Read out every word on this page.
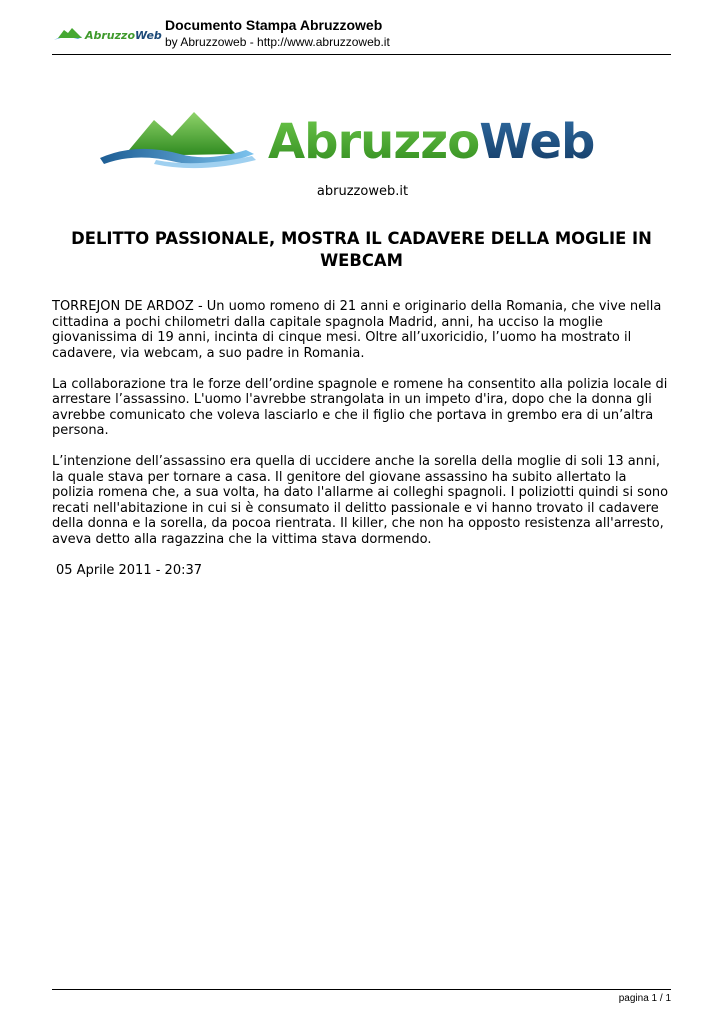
AbruzzoWeb
Documento Stampa Abruzzoweb
by Abruzzoweb - http://www.abruzzoweb.it
AbruzzoWeb
abruzzoweb.it
DELITTO PASSIONALE, MOSTRA IL CADAVERE DELLA MOGLIE IN WEBCAM

TORREJON DE ARDOZ - Un uomo romeno di 21 anni e originario della Romania, che vive nella cittadina a pochi chilometri dalla capitale spagnola Madrid, anni, ha ucciso la moglie giovanissima di 19 anni, incinta di cinque mesi. Oltre all’uxoricidio, l’uomo ha mostrato il cadavere, via webcam, a suo padre in Romania.

La collaborazione tra le forze dell’ordine spagnole e romene ha consentito alla polizia locale di arrestare l’assassino. L'uomo l'avrebbe strangolata in un impeto d'ira, dopo che la donna gli avrebbe comunicato che voleva lasciarlo e che il figlio che portava in grembo era di un’altra persona.

L’intenzione dell’assassino era quella di uccidere anche la sorella della moglie di soli 13 anni, la quale stava per tornare a casa. Il genitore del giovane assassino ha subito allertato la polizia romena che, a sua volta, ha dato l'allarme ai colleghi spagnoli. I poliziotti quindi si sono recati nell'abitazione in cui si è consumato il delitto passionale e vi hanno trovato il cadavere della donna e la sorella, da pocoa rientrata. Il killer, che non ha opposto resistenza all'arresto, aveva detto alla ragazzina che la vittima stava dormendo.

05 Aprile 2011 - 20:37

pagina 1 / 1
